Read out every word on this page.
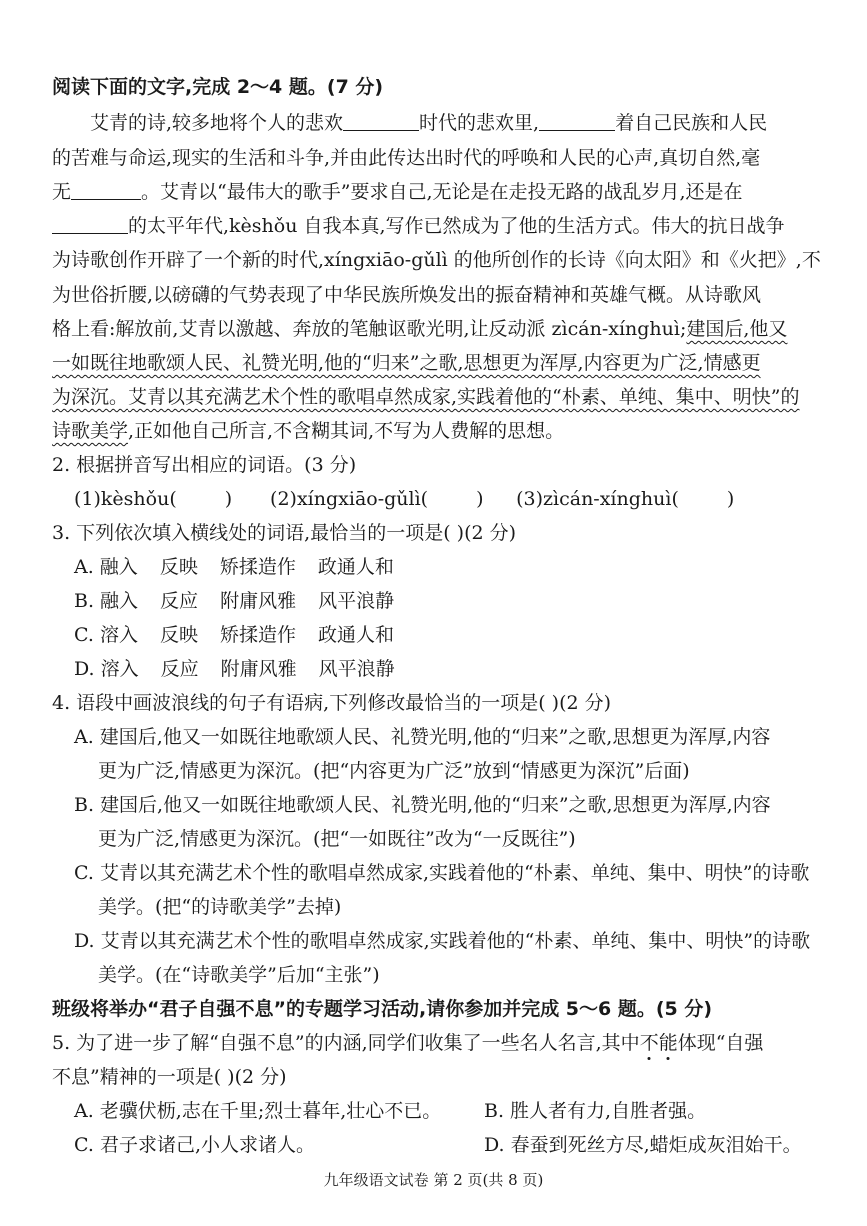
阅读下面的文字,完成 2～4 题。(7 分)
艾青的诗,较多地将个人的悲欢	时代的悲欢里,	着自己民族和人民
的苦难与命运,现实的生活和斗争,并由此传达出时代的呼唤和人民的心声,真切自然,毫
无	。艾青以“最伟大的歌手”要求自己,无论是在走投无路的战乱岁月,还是在
的太平年代,kèshǒu 自我本真,写作已然成为了他的生活方式。伟大的抗日战争
为诗歌创作开辟了一个新的时代,xíngxiāo-gǔlì 的他所创作的长诗《向太阳》和《火把》,不
为世俗折腰,以磅礴的气势表现了中华民族所焕发出的振奋精神和英雄气概。从诗歌风
格上看:解放前,艾青以激越、奔放的笔触讴歌光明,让反动派 zìcán-xínghuì;建国后,他又
一如既往地歌颂人民、礼赞光明,他的“归来”之歌,思想更为浑厚,内容更为广泛,情感更
为深沉。艾青以其充满艺术个性的歌唱卓然成家,实践着他的“朴素、单纯、集中、明快”的
诗歌美学,正如他自己所言,不含糊其词,不写为人费解的思想。
2. 根据拼音写出相应的词语。(3 分)
(1)kèshǒu(	) (2)xíngxiāo-gǔlì(	) (3)zìcán-xínghuì(	)
3. 下列依次填入横线处的词语,最恰当的一项是( )(2 分)
A. 融入 反映 矫揉造作 政通人和
B. 融入 反应 附庸风雅 风平浪静
C. 溶入 反映 矫揉造作 政通人和
D. 溶入 反应 附庸风雅 风平浪静
4. 语段中画波浪线的句子有语病,下列修改最恰当的一项是( )(2 分)
A. 建国后,他又一如既往地歌颂人民、礼赞光明,他的“归来”之歌,思想更为浑厚,内容
更为广泛,情感更为深沉。(把“内容更为广泛”放到“情感更为深沉”后面)
B. 建国后,他又一如既往地歌颂人民、礼赞光明,他的“归来”之歌,思想更为浑厚,内容
更为广泛,情感更为深沉。(把“一如既往”改为“一反既往”)
C. 艾青以其充满艺术个性的歌唱卓然成家,实践着他的“朴素、单纯、集中、明快”的诗歌
美学。(把“的诗歌美学”去掉)
D. 艾青以其充满艺术个性的歌唱卓然成家,实践着他的“朴素、单纯、集中、明快”的诗歌
美学。(在“诗歌美学”后加“主张”)
班级将举办“君子自强不息”的专题学习活动,请你参加并完成 5～6 题。(5 分)
5. 为了进一步了解“自强不息”的内涵,同学们收集了一些名人名言,其中不能体现“自强
不息”精神的一项是( )(2 分)
A. 老骥伏枥,志在千里;烈士暮年,壮心不已。 B. 胜人者有力,自胜者强。
C. 君子求诸己,小人求诸人。	D. 春蚕到死丝方尽,蜡炬成灰泪始干。
九年级语文试卷 第 2 页(共 8 页)
